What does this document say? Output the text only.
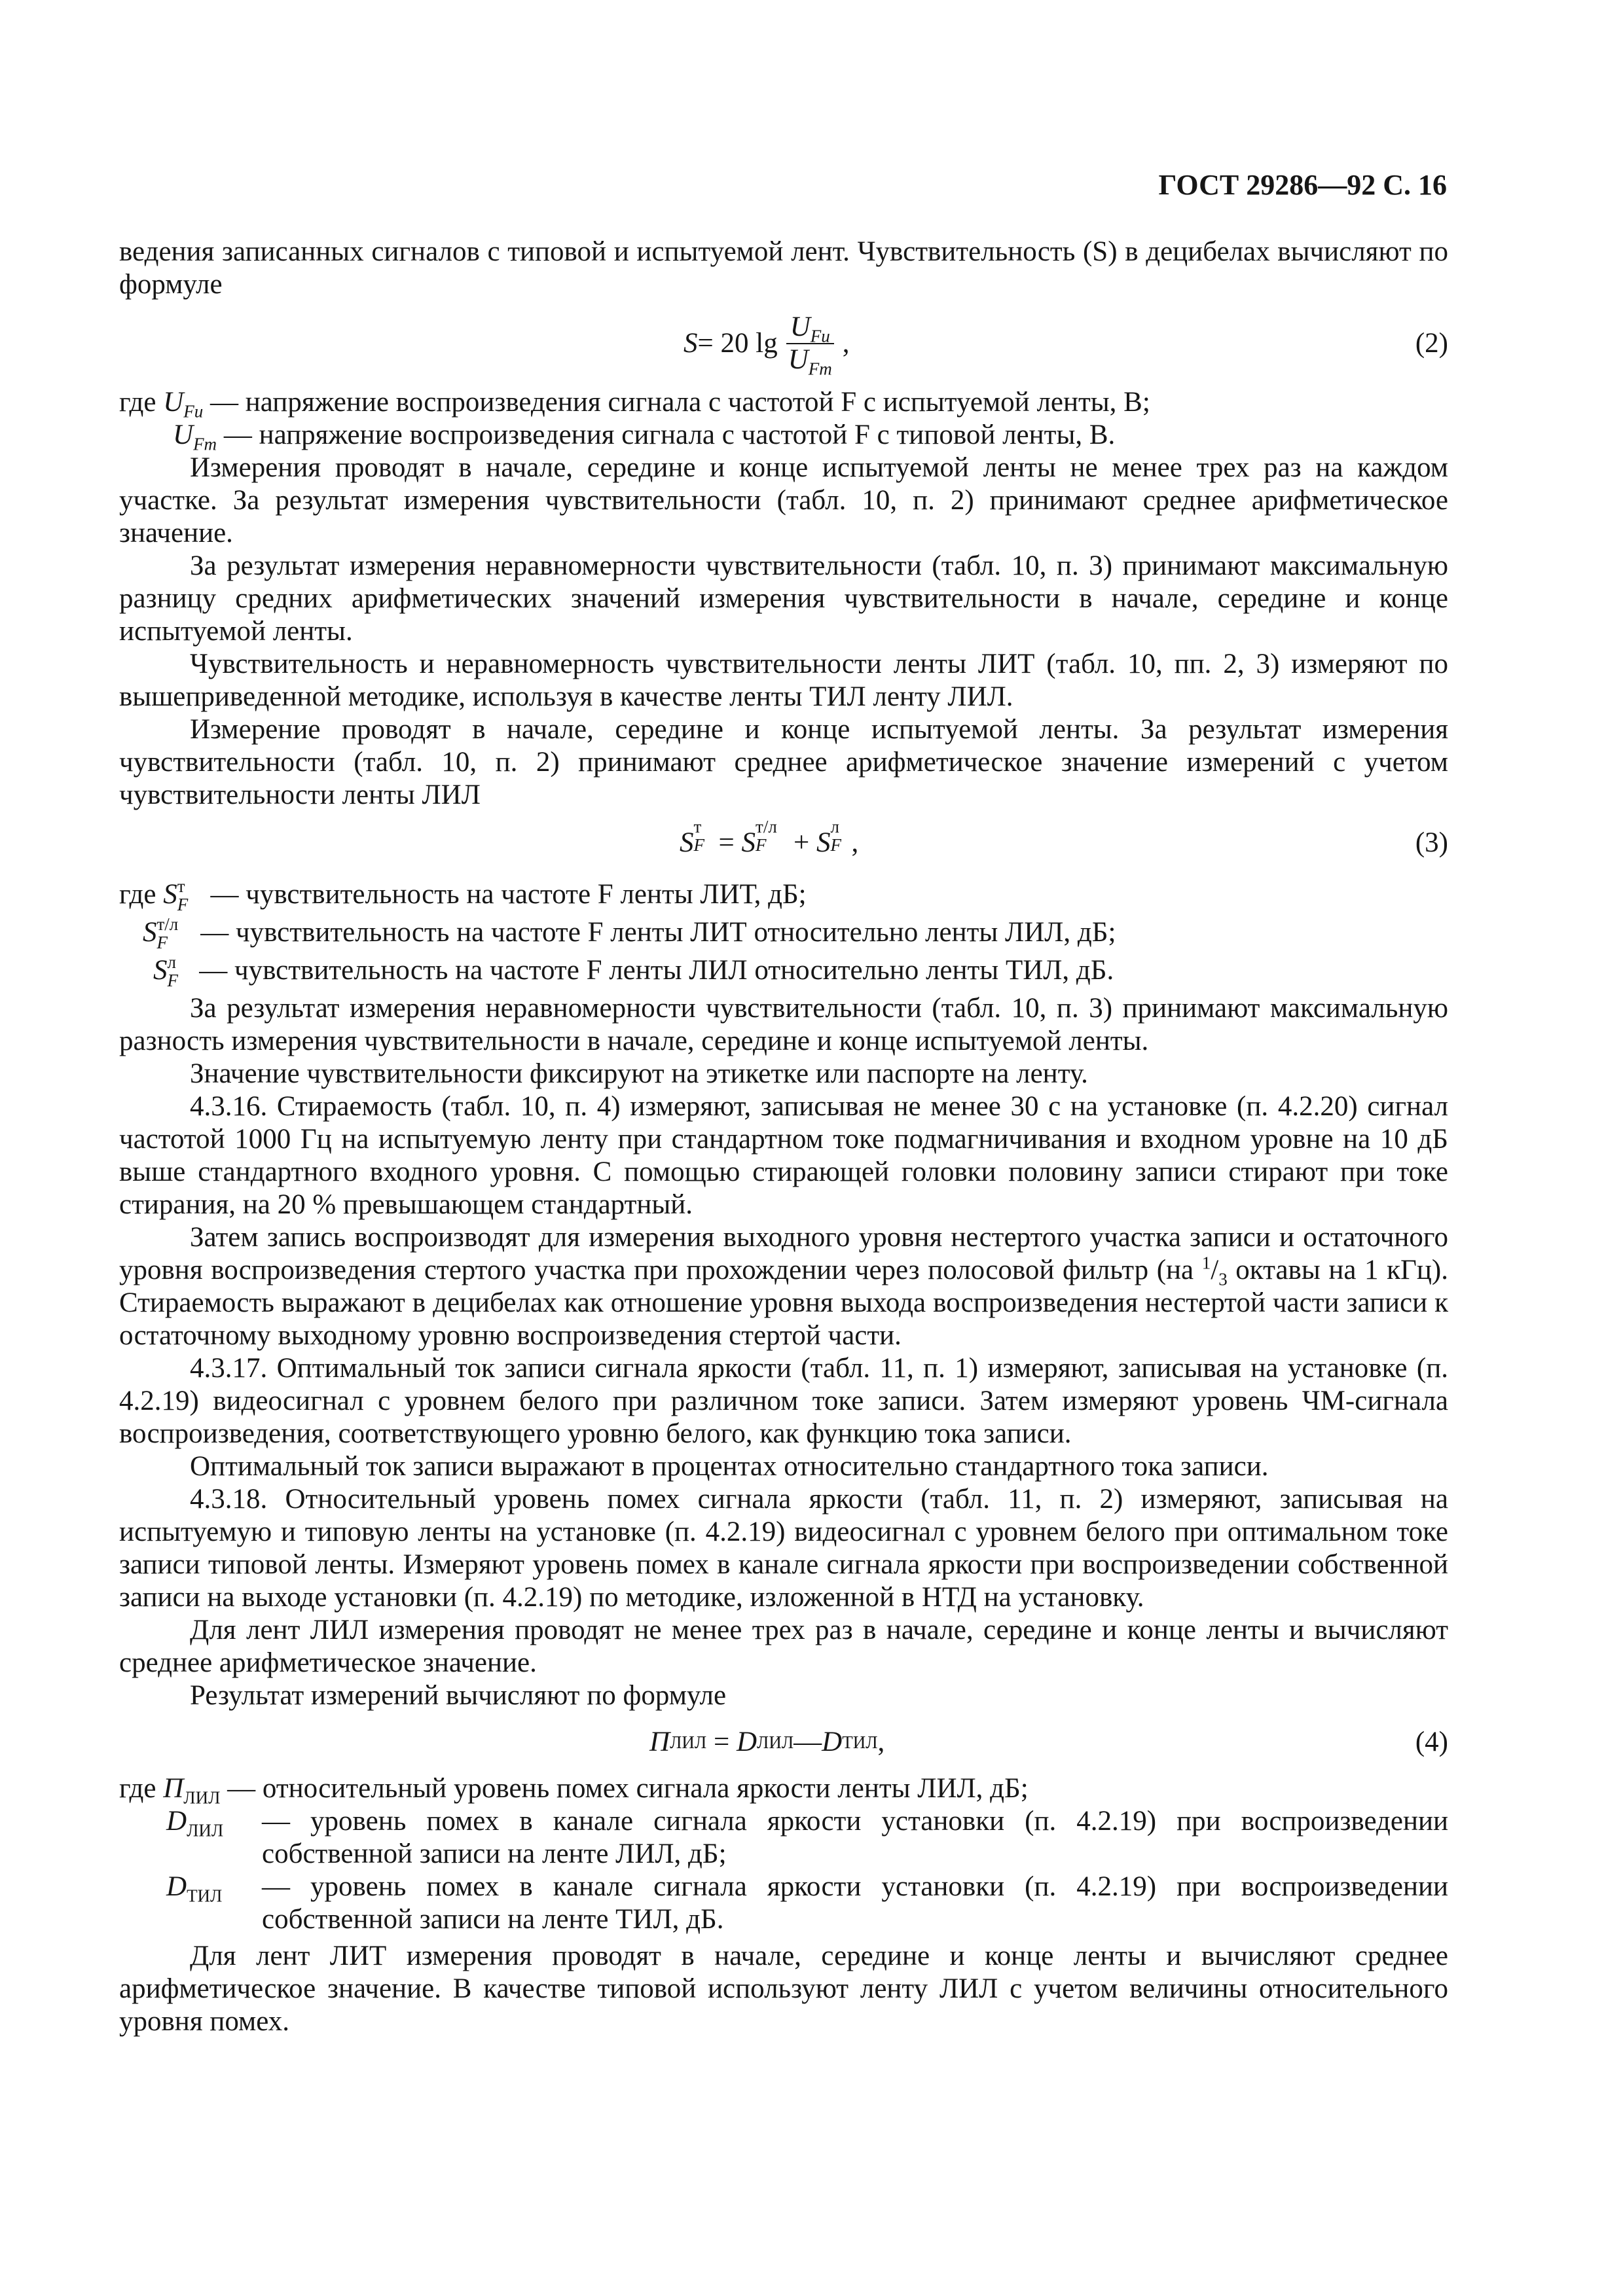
ГОСТ 29286—92 С. 16

ведения записанных сигналов с типовой и испытуемой лент. Чувствительность (S) в децибелах вычисляют по формуле

S = 20 $\lg \frac{U_{Fи}}{U_{Fт}}$ ,	(2)

где $U_{Fи}$ — напряжение воспроизведения сигнала с частотой F с испытуемой ленты, В;

$U_{Fт}$ — напряжение воспроизведения сигнала с частотой F с типовой ленты, В.

Измерения проводят в начале, середине и конце испытуемой ленты не менее трех раз на каждом участке. За результат измерения чувствительности (табл. 10, п. 2) принимают среднее арифметическое значение.

За результат измерения неравномерности чувствительности (табл. 10, п. 3) принимают максимальную разницу средних арифметических значений измерения чувствительности в начале, середине и конце испытуемой ленты.

Чувствительность и неравномерность чувствительности ленты ЛИТ (табл. 10, пп. 2, 3) измеряют по вышеприведенной методике, используя в качестве ленты ТИЛ ленту ЛИЛ.

Измерение проводят в начале, середине и конце испытуемой ленты. За результат измерения чувствительности (табл. 10, п. 2) принимают среднее арифметическое значение измерений с учетом чувствительности ленты ЛИЛ

S
т
F = S
т/л
F + S
л
F ,	(3)

где S т
F — чувствительность на частоте F ленты ЛИТ, дБ;

S т/л
F — чувствительность на частоте F ленты ЛИТ относительно ленты ЛИЛ, дБ;

S л
F — чувствительность на частоте F ленты ЛИЛ относительно ленты ТИЛ, дБ.

За результат измерения неравномерности чувствительности (табл. 10, п. 3) принимают максимальную разность измерения чувствительности в начале, середине и конце испытуемой ленты.

Значение чувствительности фиксируют на этикетке или паспорте на ленту.

4.3.16. Стираемость (табл. 10, п. 4) измеряют, записывая не менее 30 с на установке (п. 4.2.20) сигнал частотой 1000 Гц на испытуемую ленту при стандартном токе подмагничивания и входном уровне на 10 дБ выше стандартного входного уровня. С помощью стирающей головки половину записи стирают при токе стирания, на 20 % превышающем стандартный.

Затем запись воспроизводят для измерения выходного уровня нестертого участка записи и остаточного уровня воспроизведения стертого участка при прохождении через полосовой фильтр (на $^1/_3$ октавы на 1 кГц). Стираемость выражают в децибелах как отношение уровня выхода воспроизведения нестертой части записи к остаточному выходному уровню воспроизведения стертой части.

4.3.17. Оптимальный ток записи сигнала яркости (табл. 11, п. 1) измеряют, записывая на установке (п. 4.2.19) видеосигнал с уровнем белого при различном токе записи. Затем измеряют уровень ЧМ-сигнала воспроизведения, соответствующего уровню белого, как функцию тока записи.

Оптимальный ток записи выражают в процентах относительно стандартного тока записи.

4.3.18. Относительный уровень помех сигнала яркости (табл. 11, п. 2) измеряют, записывая на испытуемую и типовую ленты на установке (п. 4.2.19) видеосигнал с уровнем белого при оптимальном токе записи типовой ленты. Измеряют уровень помех в канале сигнала яркости при воспроизведении собственной записи на выходе установки (п. 4.2.19) по методике, изложенной в НТД на установку.

Для лент ЛИЛ измерения проводят не менее трех раз в начале, середине и конце ленты и вычисляют среднее арифметическое значение.

Результат измерений вычисляют по формуле

П ЛИЛ = D ЛИЛ — D ТИЛ ,	(4)

где $П_{ЛИЛ}$ — относительный уровень помех сигнала яркости ленты ЛИЛ, дБ;

$D_{ЛИЛ}$	— уровень помех в канале сигнала яркости установки (п. 4.2.19) при воспроизведении собственной записи на ленте ЛИЛ, дБ;

$D_{ТИЛ}$	— уровень помех в канале сигнала яркости установки (п. 4.2.19) при воспроизведении собственной записи на ленте ТИЛ, дБ.

Для лент ЛИТ измерения проводят в начале, середине и конце ленты и вычисляют среднее арифметическое значение. В качестве типовой используют ленту ЛИЛ с учетом величины относительного уровня помех.
